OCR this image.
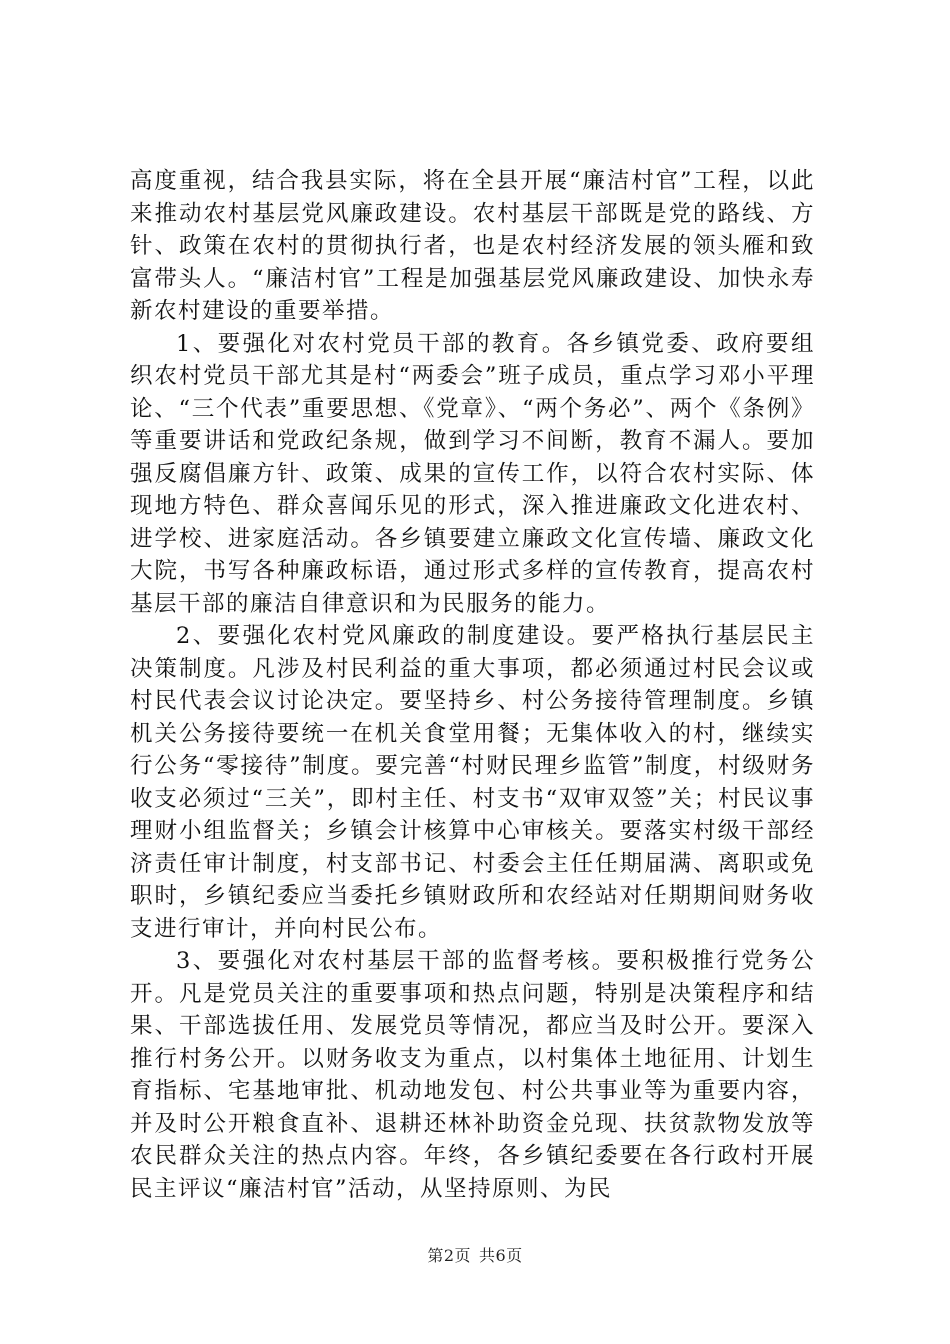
高度重视，结合我县实际，将在全县开展“廉洁村官”工程，以此来推动农村基层党风廉政建设。农村基层干部既是党的路线、方针、政策在农村的贯彻执行者，也是农村经济发展的领头雁和致富带头人。“廉洁村官”工程是加强基层党风廉政建设、加快永寿新农村建设的重要举措。

1、要强化对农村党员干部的教育。各乡镇党委、政府要组织农村党员干部尤其是村“两委会”班子成员，重点学习邓小平理论、“三个代表”重要思想、《党章》、“两个务必”、两个《条例》等重要讲话和党政纪条规，做到学习不间断，教育不漏人。要加强反腐倡廉方针、政策、成果的宣传工作，以符合农村实际、体现地方特色、群众喜闻乐见的形式，深入推进廉政文化进农村、进学校、进家庭活动。各乡镇要建立廉政文化宣传墙、廉政文化大院，书写各种廉政标语，通过形式多样的宣传教育，提高农村基层干部的廉洁自律意识和为民服务的能力。

2、要强化农村党风廉政的制度建设。要严格执行基层民主决策制度。凡涉及村民利益的重大事项，都必须通过村民会议或村民代表会议讨论决定。要坚持乡、村公务接待管理制度。乡镇机关公务接待要统一在机关食堂用餐；无集体收入的村，继续实行公务“零接待”制度。要完善“村财民理乡监管”制度，村级财务收支必须过“三关”，即村主任、村支书“双审双签”关；村民议事理财小组监督关；乡镇会计核算中心审核关。要落实村级干部经济责任审计制度，村支部书记、村委会主任任期届满、离职或免职时，乡镇纪委应当委托乡镇财政所和农经站对任期期间财务收支进行审计，并向村民公布。

3、要强化对农村基层干部的监督考核。要积极推行党务公开。凡是党员关注的重要事项和热点问题，特别是决策程序和结果、干部选拔任用、发展党员等情况，都应当及时公开。要深入推行村务公开。以财务收支为重点，以村集体土地征用、计划生育指标、宅基地审批、机动地发包、村公共事业等为重要内容，并及时公开粮食直补、退耕还林补助资金兑现、扶贫款物发放等农民群众关注的热点内容。年终，各乡镇纪委要在各行政村开展民主评议“廉洁村官”活动，从坚持原则、为民

第2页 共6页
